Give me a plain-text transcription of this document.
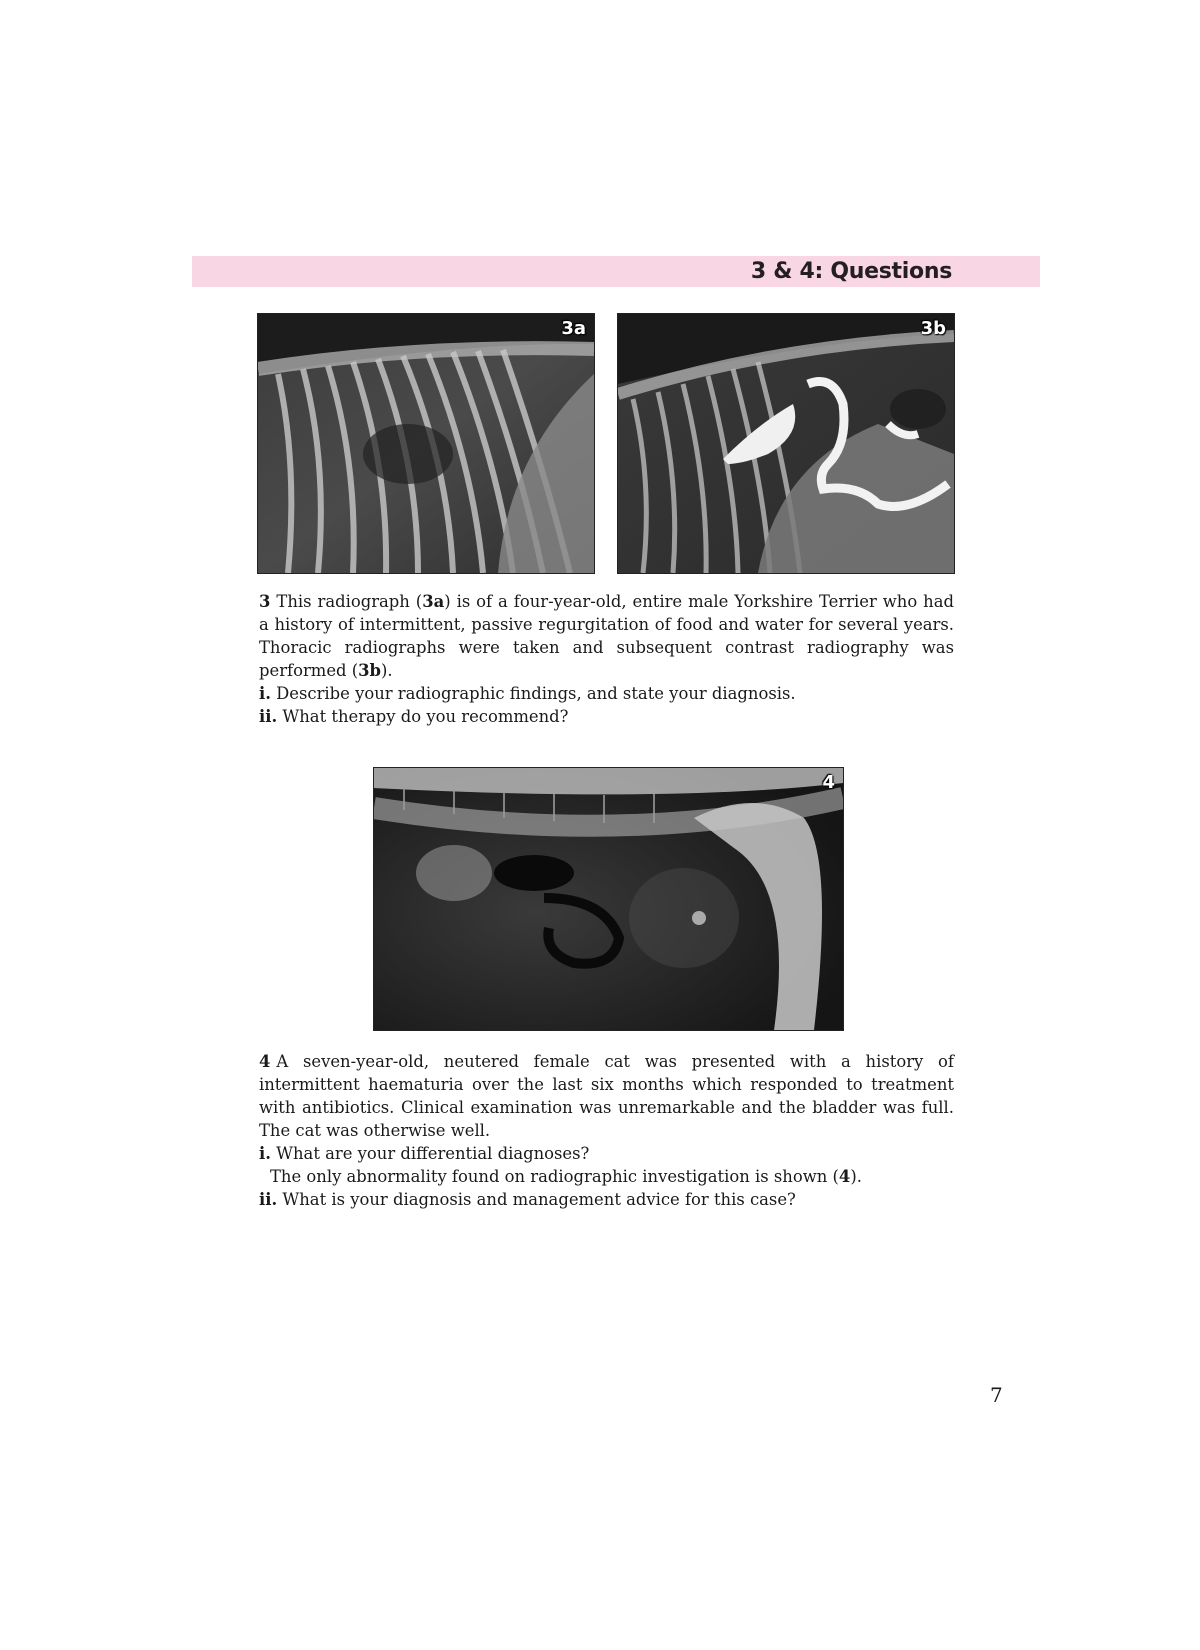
3 & 4: Questions
3a	3b

3 This radiograph (3a) is of a four-year-old, entire male Yorkshire Terrier who had a history of intermittent, passive regurgitation of food and water for several years. Thoracic radiographs were taken and subsequent contrast radiography was performed (3b).

i. Describe your radiographic findings, and state your diagnosis.

ii. What therapy do you recommend?

4

4 A seven-year-old, neutered female cat was presented with a history of intermittent haematuria over the last six months which responded to treatment with antibiotics. Clinical examination was unremarkable and the bladder was full. The cat was otherwise well.

i. What are your differential diagnoses?

The only abnormality found on radiographic investigation is shown (4).

ii. What is your diagnosis and management advice for this case?

7
